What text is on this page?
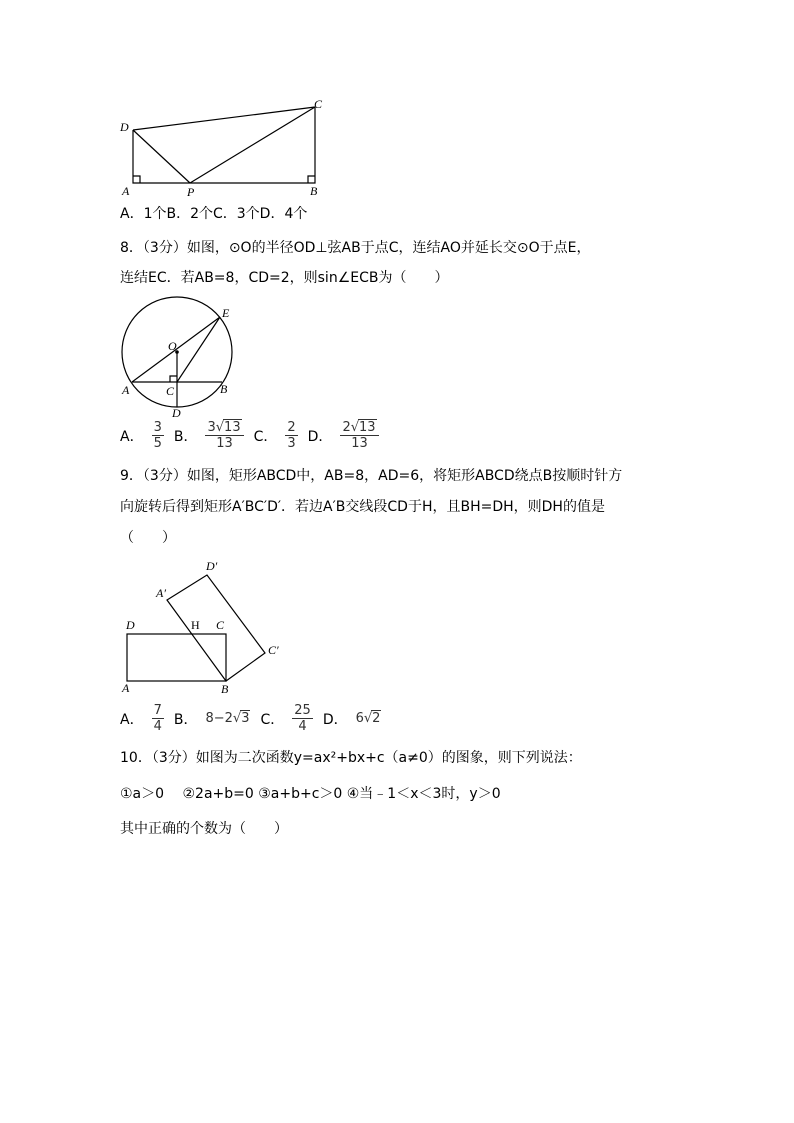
D
C
A	P	B
A．1个B．2个C．3个D．4个
8．（3分）如图，⊙O的半径OD⊥弦AB于点C，连结AO并延长交⊙O于点E，
连结EC．若AB=8，CD=2，则sin∠ECB为（　　）
E
O
A	C	B
D
A． $\frac{3}{5}$ B． $\frac{3√13}{13}$ C． $\frac{2}{3}$ D． $\frac{2√13}{13}$
9．（3分）如图，矩形ABCD中，AB=8，AD=6，将矩形ABCD绕点B按顺时针方
向旋转后得到矩形A′BC′D′．若边A′B交线段CD于H，且BH=DH，则DH的值是
（　　）
D′
A′
D	H C
C′
A	B
A． $\frac{7}{4}$ B． 8−2√3 C． $\frac{25}{4}$ D． 6√2
10．（3分）如图为二次函数y=ax²+bx+c（a≠0）的图象，则下列说法：
①a＞0　 ②2a+b=0 ③a+b+c＞0 ④当﹣1＜x＜3时，y＞0
其中正确的个数为（　　）
